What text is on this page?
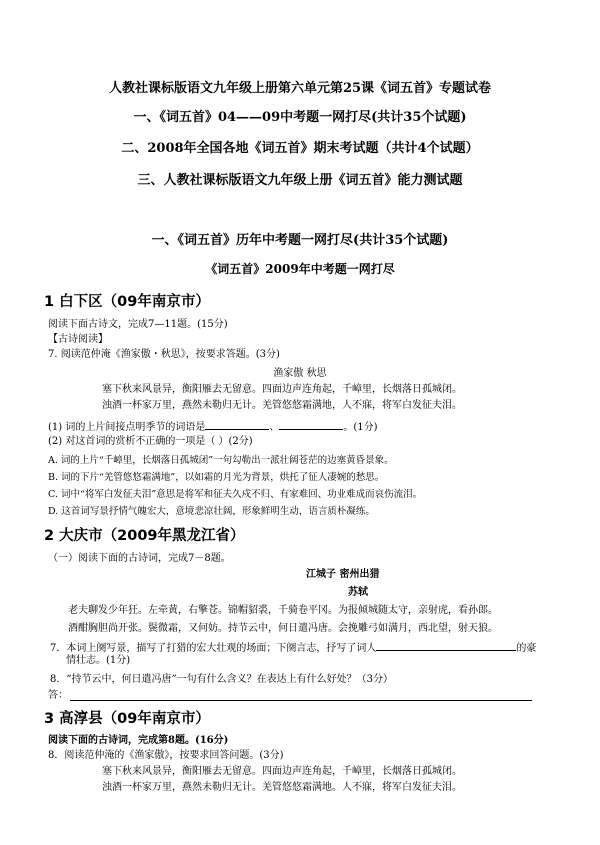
人教社课标版语文九年级上册第六单元第25课《词五首》专题试卷
一、《词五首》04——09中考题一网打尽(共计35个试题)
二、2008年全国各地《词五首》期末考试题（共计4个试题）
三、人教社课标版语文九年级上册《词五首》能力测试题
一、《词五首》历年中考题一网打尽(共计35个试题)
《词五首》2009年中考题一网打尽
1 白下区（09年南京市）
阅读下面古诗文，完成7—11题。(15分)
【古诗阅读】
7. 阅读范仲淹《渔家傲・秋思》，按要求答题。(3分)
渔家傲 秋思
塞下秋来风景异，衡阳雁去无留意。四面边声连角起，千嶂里，长烟落日孤城闭。
浊酒一杯家万里，燕然未勒归无计。羌管悠悠霜满地，人不寐，将军白发征夫泪。
(1) 词的上片间接点明季节的词语是	、	。(1分)
(2) 对这首词的赏析不正确的一项是（ ）(2分)
A. 词的上片“千嶂里，长烟落日孤城闭”一句勾勒出一派壮阔苍茫的边塞黄昏景象。
B. 词的下片“羌管悠悠霜满地”，以如霜的月光为背景，烘托了征人凄婉的愁思。
C. 词中“将军白发征夫泪”意思是将军和征夫久戍不归、有家难回、功业难成而哀伤流泪。
D. 这首词写景抒情气魄宏大，意境悲凉壮阔，形象鲜明生动，语言质朴凝练。
2 大庆市（2009年黑龙江省）
（一）阅读下面的古诗词，完成7－8题。
江城子 密州出猎
苏轼
老夫聊发少年狂。左牵黄，右擎苍。锦帽貂裘，千骑卷平冈。为报倾城随太守，亲射虎，看孙郎。
酒酣胸胆尚开张。鬓微霜，又何妨。持节云中，何日遣冯唐。会挽雕弓如满月，西北望，射天狼。
7．本词上阕写景，描写了打猎的宏大壮观的场面；下阕言志，抒写了词人	的豪
情壮志。(1分)
8．“持节云中，何日遣冯唐”一句有什么含义？在表达上有什么好处？（3分）
答：
3 高淳县（09年南京市）
阅读下面的古诗词，完成第8题。(16分)
8．阅读范仲淹的《渔家傲》，按要求回答问题。(3分)
塞下秋来风景异，衡阳雁去无留意。四面边声连角起，千嶂里，长烟落日孤城闭。
浊酒一杯家万里，燕然未勒归无计。羌管悠悠霜满地。人不寐，将军白发征夫泪。
